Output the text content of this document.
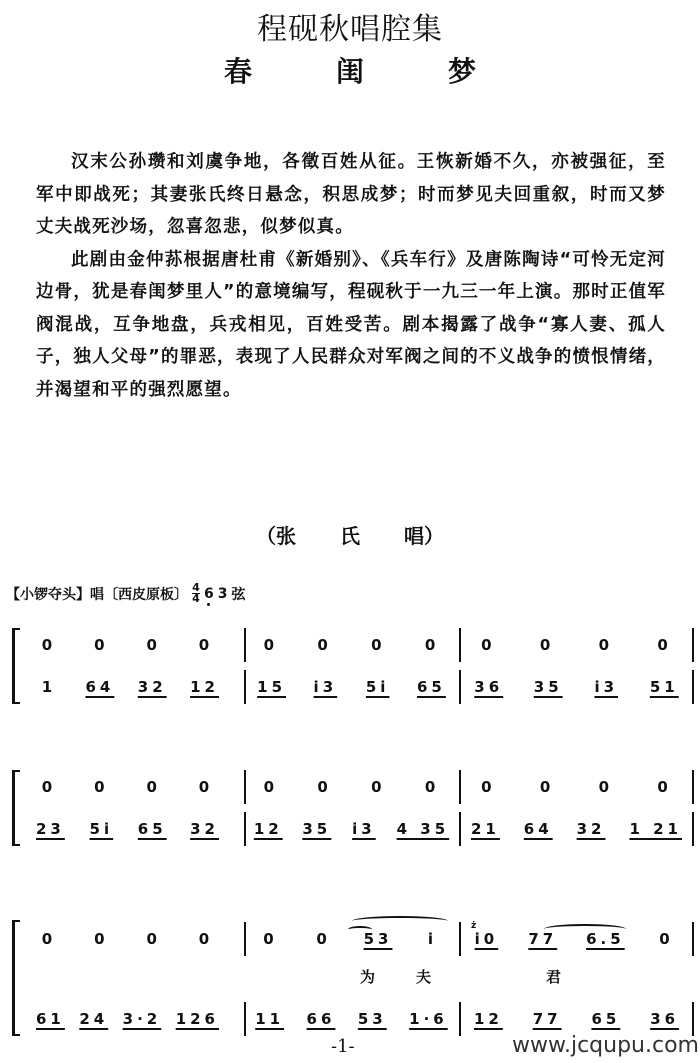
程砚秋唱腔集
春	闺	梦

汉末公孙瓒和刘虞争地，各徵百姓从征。王恢新婚不久，亦被强征，至军中即战死；其妻张氏终日悬念，积思成梦；时而梦见夫回重叙，时而又梦丈夫战死沙场，忽喜忽悲，似梦似真。

此剧由金仲荪根据唐杜甫《新婚别》、《兵车行》及唐陈陶诗“可怜无定河边骨，犹是春闺梦里人”的意境编写，程砚秋于一九三一年上演。那时正值军阀混战，互争地盘，兵戎相见，百姓受苦。剧本揭露了战争“寡人妻、孤人子，独人父母”的罪恶，表现了人民群众对军阀之间的不义战争的愤恨情绪，并渴望和平的强烈愿望。

（张 氏 唱）
【小锣夺头】唱〔西皮原板〕 4
4 6 3 弦
0	0	0	0	0	0	0	0	0	0	0	0
1	64 32 12	15 i3 5i 65 36 35 i3 51
0	0	0	0	0	0	0	0	0	0	0	0
23 5i 65 32 12 35 i3 4 35 21 64 32 1 21
ż
0	0	0	0	0	0	53	i	i0 77 6.5	0
为	夫	君
61 24 3·2 126 11 66 53 1·6 12 77 65 36
-1-	www.jcqupu.com
